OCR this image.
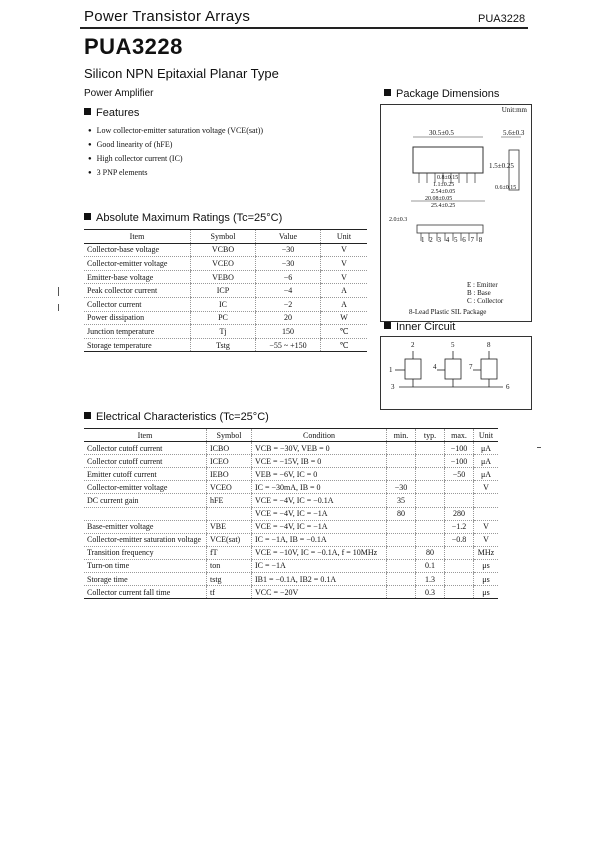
Power Transistor Arrays	PUA3228
PUA3228
Silicon NPN Epitaxial Planar Type
Power Amplifier
Features
● Low collector-emitter saturation voltage (VCE(sat))
● Good linearity of (hFE)
● High collector current (IC)
● 3 PNP elements
Absolute Maximum Ratings (Tc=25°C)
Item	Symbol	Value	Unit
Collector-base voltage	VCBO	−30	V
Collector-emitter voltage	VCEO	−30	V
Emitter-base voltage	VEBO	−6	V
Peak collector current	ICP	−4	A
Collector current	IC	−2	A
Power dissipation	PC	20	W
Junction temperature	Tj	150	℃
Storage temperature	Tstg	−55 ~ +150	℃
Package Dimensions
Unit:mm
30.5±0.5	5.6±0.3
1.5±0.25
0.8±0.15
1.1±0.25
2.54±0.05
0.6±0.15
20.08±0.05
25.4±0.25
2.0±0.3
1 2 3 4 5 6 7 8
E : Emitter
B : Base
C : Collector
8-Lead Plastic SIL Package
Inner Circuit
2	5	8
4	7
1
3	6
Electrical Characteristics (Tc=25°C)
Item	Symbol	Condition	min.	typ.	max.	Unit
Collector cutoff current	ICBO	VCB = −30V, VEB = 0			−100	μA
Collector cutoff current	ICEO	VCE = −15V, IB = 0			−100	μA
Emitter cutoff current	IEBO	VEB = −6V, IC = 0			−50	μA
Collector-emitter voltage	VCEO	IC = −30mA, IB = 0	−30			V
DC current gain	hFE	VCE = −4V, IC = −0.1A	35			
		VCE = −4V, IC = −1A	80		280	
Base-emitter voltage	VBE	VCE = −4V, IC = −1A			−1.2	V
Collector-emitter saturation voltage	VCE(sat)	IC = −1A, IB = −0.1A			−0.8	V
Transition frequency	fT	VCE = −10V, IC = −0.1A, f = 10MHz		80		MHz
Turn-on time	ton	IC = −1A		0.1		μs
Storage time	tstg	IB1 = −0.1A, IB2 = 0.1A		1.3		μs
Collector current fall time	tf	VCC = −20V		0.3		μs
